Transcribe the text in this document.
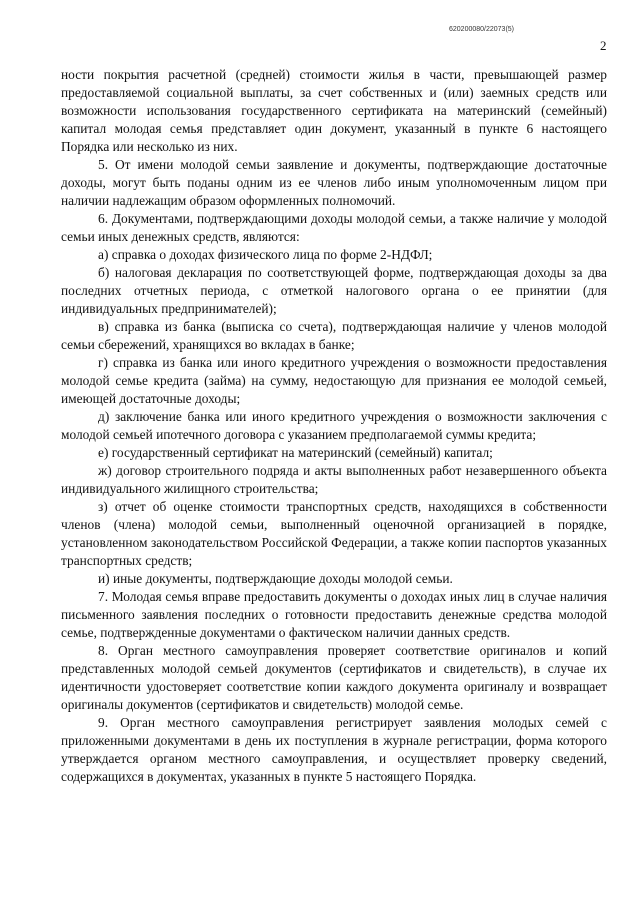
620200080/22073(5)
2

ности покрытия расчетной (средней) стоимости жилья в части, превышающей размер предоставляемой социальной выплаты, за счет собственных и (или) заемных средств или возможности использования государственного сертификата на материнский (семейный) капитал молодая семья представляет один документ, указанный в пункте 6 настоящего Порядка или несколько из них.

5. От имени молодой семьи заявление и документы, подтверждающие достаточные доходы, могут быть поданы одним из ее членов либо иным уполномоченным лицом при наличии надлежащим образом оформленных полномочий.

6. Документами, подтверждающими доходы молодой семьи, а также наличие у молодой семьи иных денежных средств, являются:

а) справка о доходах физического лица по форме 2-НДФЛ;

б) налоговая декларация по соответствующей форме, подтверждающая доходы за два последних отчетных периода, с отметкой налогового органа о ее принятии (для индивидуальных предпринимателей);

в) справка из банка (выписка со счета), подтверждающая наличие у членов молодой семьи сбережений, хранящихся во вкладах в банке;

г) справка из банка или иного кредитного учреждения о возможности предоставления молодой семье кредита (займа) на сумму, недостающую для признания ее молодой семьей, имеющей достаточные доходы;

д) заключение банка или иного кредитного учреждения о возможности заключения с молодой семьей ипотечного договора с указанием предполагаемой суммы кредита;

е) государственный сертификат на материнский (семейный) капитал;

ж) договор строительного подряда и акты выполненных работ незавершенного объекта индивидуального жилищного строительства;

з) отчет об оценке стоимости транспортных средств, находящихся в собственности членов (члена) молодой семьи, выполненный оценочной организацией в порядке, установленном законодательством Российской Федерации, а также копии паспортов указанных транспортных средств;

и) иные документы, подтверждающие доходы молодой семьи.

7. Молодая семья вправе предоставить документы о доходах иных лиц в случае наличия письменного заявления последних о готовности предоставить денежные средства молодой семье, подтвержденные документами о фактическом наличии данных средств.

8. Орган местного самоуправления проверяет соответствие оригиналов и копий представленных молодой семьей документов (сертификатов и свидетельств), в случае их идентичности удостоверяет соответствие копии каждого документа оригиналу и возвращает оригиналы документов (сертификатов и свидетельств) молодой семье.

9. Орган местного самоуправления регистрирует заявления молодых семей с приложенными документами в день их поступления в журнале регистрации, форма которого утверждается органом местного самоуправления, и осуществляет проверку сведений, содержащихся в документах, указанных в пункте 5 настоящего Порядка.
